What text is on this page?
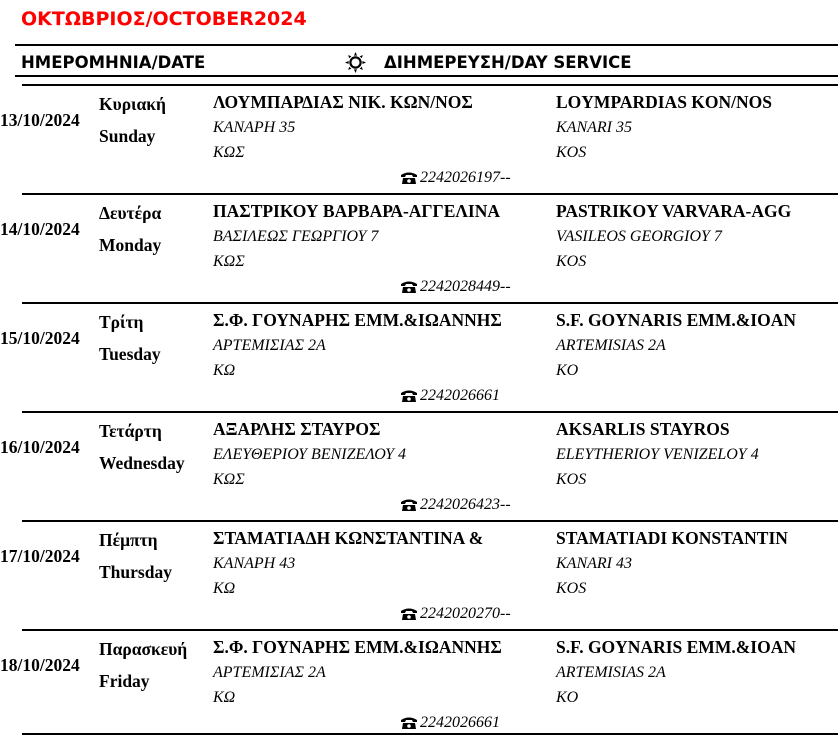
ΟΚΤΩΒΡΙΟΣ/OCTOBER2024
ΗΜΕΡΟΜΗΝΙΑ/DATE	ΔΙΗΜΕΡΕΥΣΗ/DAY SERVICE
13/10/2024
Κυριακή
Sunday
ΛΟΥΜΠΑΡΔΙΑΣ ΝΙΚ. ΚΩΝ/ΝΟΣ
ΚΑΝΑΡΗ 35
ΚΩΣ
LOYMPARDIAS KON/NOS
KANARI 35
KOS
2242026197--
14/10/2024
Δευτέρα
Monday
ΠΑΣΤΡΙΚΟΥ ΒΑΡΒΑΡΑ-ΑΓΓΕΛΙΝΑ
ΒΑΣΙΛΕΩΣ ΓΕΩΡΓΙΟΥ 7
ΚΩΣ
PASTRIKOY VARVARA-AGG
VASILEOS GEORGIOY 7
KOS
2242028449--
15/10/2024
Τρίτη
Tuesday
Σ.Φ. ΓΟΥΝΑΡΗΣ ΕΜΜ.&ΙΩΑΝΝΗΣ
ΑΡΤΕΜΙΣΙΑΣ 2Α
ΚΩ
S.F. GOYNARIS EMM.&IOAN
ARTEMISIAS 2A
KO
2242026661
16/10/2024
Τετάρτη
Wednesday
ΑΞΑΡΛΗΣ ΣΤΑΥΡΟΣ
ΕΛΕΥΘΕΡΙΟΥ ΒΕΝΙΖΕΛΟΥ 4
ΚΩΣ
AKSARLIS STAYROS
ELEYTHERIOY VENIZELOY 4
KOS
2242026423--
17/10/2024
Πέμπτη
Thursday
ΣΤΑΜΑΤΙΑΔΗ ΚΩΝΣΤΑΝΤΙΝΑ &
ΚΑΝΑΡΗ 43
ΚΩ
STAMATIADI KONSTANTIN
KANARI 43
KOS
2242020270--
18/10/2024
Παρασκευή
Friday
Σ.Φ. ΓΟΥΝΑΡΗΣ ΕΜΜ.&ΙΩΑΝΝΗΣ
ΑΡΤΕΜΙΣΙΑΣ 2Α
ΚΩ
S.F. GOYNARIS EMM.&IOAN
ARTEMISIAS 2A
KO
2242026661
